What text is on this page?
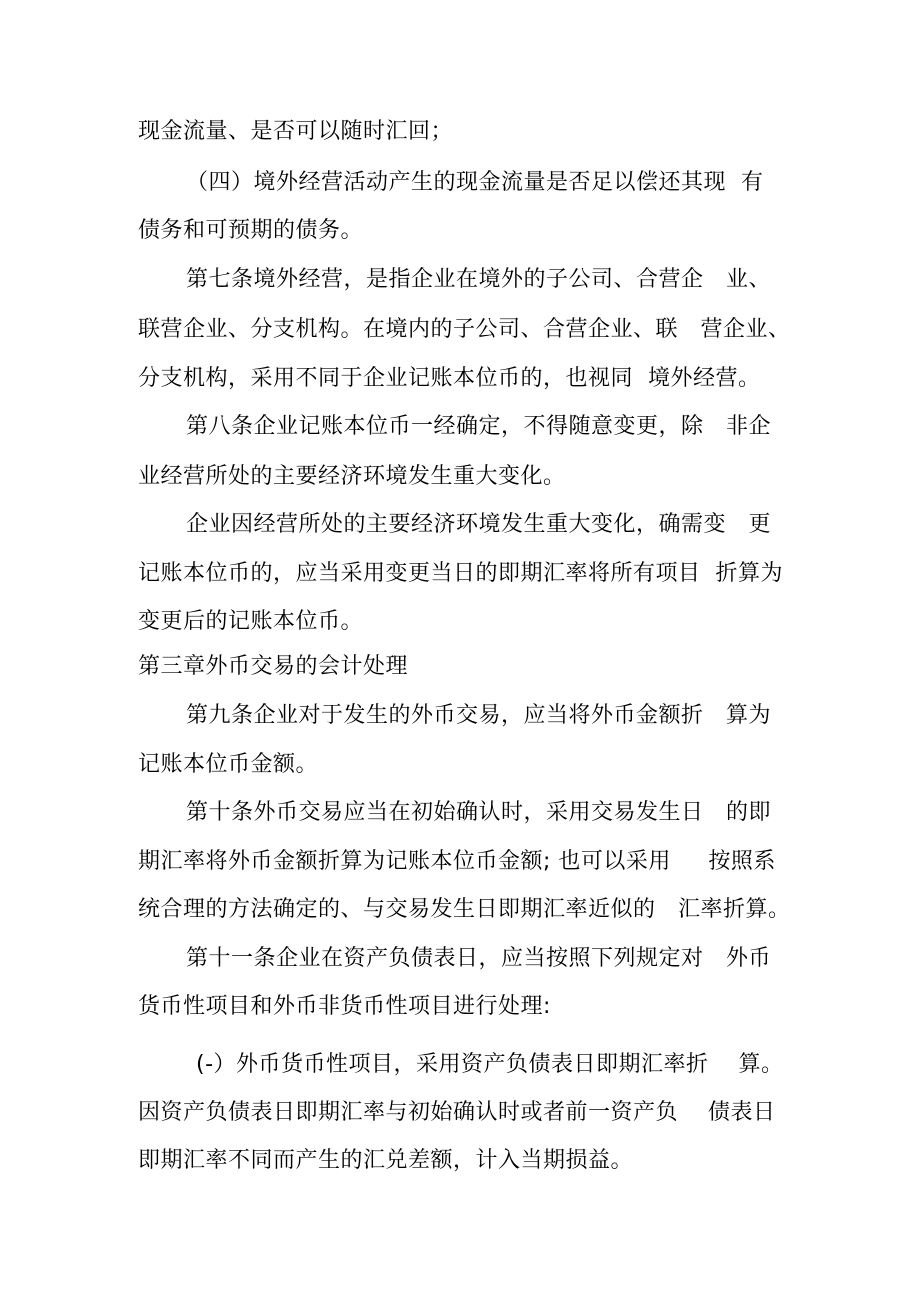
现金流量、是否可以随时汇回；
（四）境外经营活动产生的现金流量是否足以偿还其现  有
债务和可预期的债务。
第七条境外经营，是指企业在境外的子公司、合营企   业、
联营企业、分支机构。在境内的子公司、合营企业、联   营企业、
分支机构，采用不同于企业记账本位币的，也视同  境外经营。
第八条企业记账本位币一经确定，不得随意变更，除   非企
业经营所处的主要经济环境发生重大变化。
企业因经营所处的主要经济环境发生重大变化，确需变   更
记账本位币的，应当采用变更当日的即期汇率将所有项目  折算为
变更后的记账本位币。
第三章外币交易的会计处理
第九条企业对于发生的外币交易，应当将外币金额折   算为
记账本位币金额。
第十条外币交易应当在初始确认时，采用交易发生日   的即
期汇率将外币金额折算为记账本位币金额; 也可以采用     按照系
统合理的方法确定的、与交易发生日即期汇率近似的   汇率折算。
第十一条企业在资产负债表日，应当按照下列规定对   外币
货币性项目和外币非货币性项目进行处理:
(-）外币货币性项目，采用资产负债表日即期汇率折    算。
因资产负债表日即期汇率与初始确认时或者前一资产负    债表日
即期汇率不同而产生的汇兑差额，计入当期损益。
